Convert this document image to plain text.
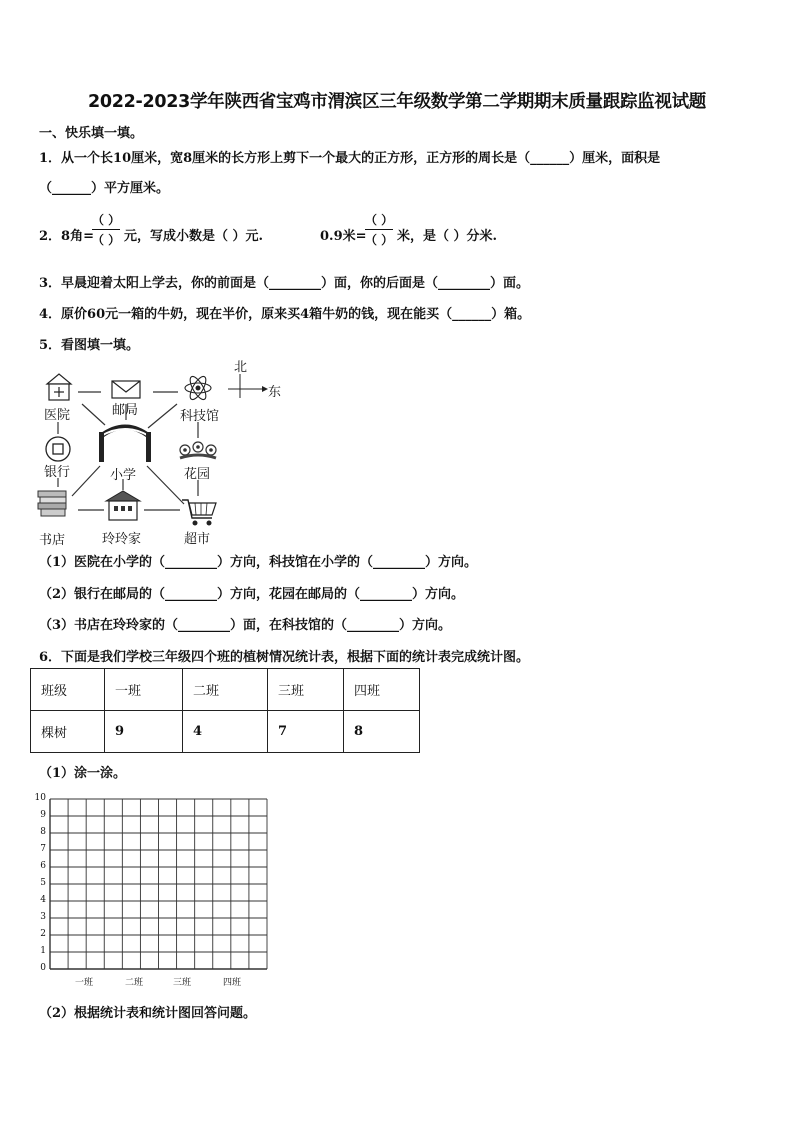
2022-2023学年陕西省宝鸡市渭滨区三年级数学第二学期期末质量跟踪监视试题
一、快乐填一填。
1．从一个长10厘米，宽8厘米的长方形上剪下一个最大的正方形，正方形的周长是（______）厘米，面积是
（______）平方厘米。
2．8角=
（ ）
（ ） 元，写成小数是（ ）元.	0.9米=
（ ）
（ ） 米，是（ ）分米.
3．早晨迎着太阳上学去，你的前面是（________）面，你的后面是（________）面。
4．原价60元一箱的牛奶，现在半价，原来买4箱牛奶的钱，现在能买（______）箱。
5．看图填一填。
北
东
医院	邮局	科技馆
银行	花园
小学
书店	玲玲家	超市
（1）医院在小学的（________）方向，科技馆在小学的（________）方向。
（2）银行在邮局的（________）方向，花园在邮局的（________）方向。
（3）书店在玲玲家的（________）面，在科技馆的（________）方向。
6．下面是我们学校三年级四个班的植树情况统计表，根据下面的统计表完成统计图。
班级	一班	二班	三班	四班
棵树	9	4	7	8
（1）涂一涂。
0
1
2
3
4
5
6
7
8
9
10
一班	二班	三班	四班
（2）根据统计表和统计图回答问题。
